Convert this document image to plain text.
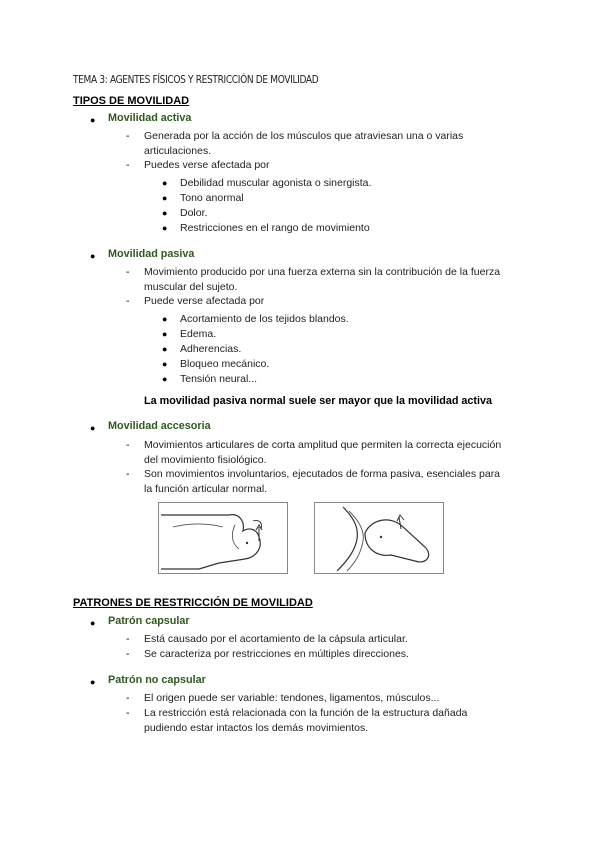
TEMA 3: AGENTES FÍSICOS Y RESTRICCIÓN DE MOVILIDAD
TIPOS DE MOVILIDAD
● Movilidad activa
- Generada por la acción de los músculos que atraviesan una o varias
articulaciones.
- Puedes verse afectada por
● Debilidad muscular agonista o sinergista.
● Tono anormal
● Dolor.
● Restricciones en el rango de movimiento
● Movilidad pasiva
- Movimiento producido por una fuerza externa sin la contribución de la fuerza
muscular del sujeto.
- Puede verse afectada por
● Acortamiento de los tejidos blandos.
● Edema.
● Adherencias.
● Bloqueo mecánico.
● Tensión neural...
La movilidad pasiva normal suele ser mayor que la movilidad activa
● Movilidad accesoria
- Movimientos articulares de corta amplitud que permiten la correcta ejecución
del movimiento fisiológico.
- Son movimientos involuntarios, ejecutados de forma pasiva, esenciales para
la función articular normal.
PATRONES DE RESTRICCIÓN DE MOVILIDAD
● Patrón capsular
- Está causado por el acortamiento de la cápsula articular.
- Se caracteriza por restricciones en múltiples direcciones.
● Patrón no capsular
- El origen puede ser variable: tendones, ligamentos, músculos...
- La restricción está relacionada con la función de la estructura dañada
pudiendo estar intactos los demás movimientos.
